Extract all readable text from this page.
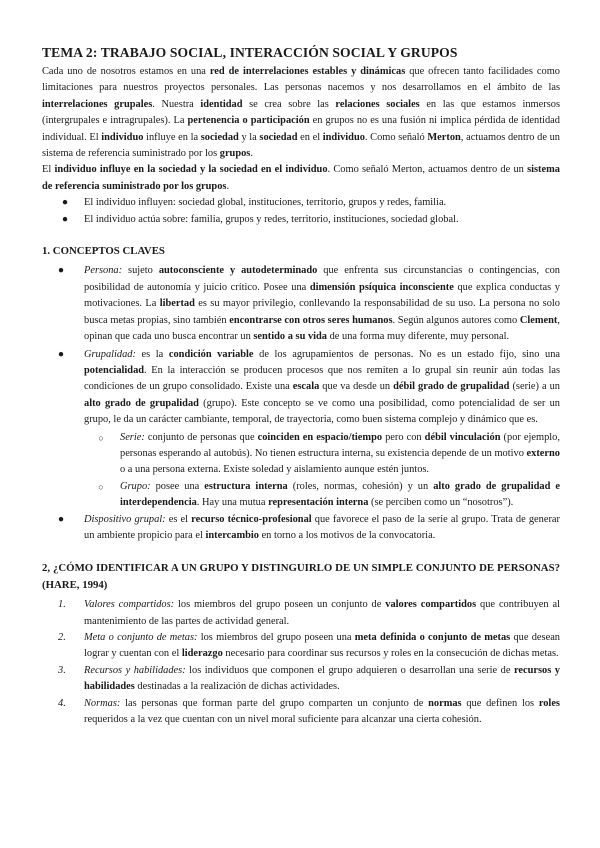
TEMA 2: TRABAJO SOCIAL, INTERACCIÓN SOCIAL Y GRUPOS

Cada uno de nosotros estamos en una red de interrelaciones estables y dinámicas que ofrecen tanto facilidades como limitaciones para nuestros proyectos personales. Las personas nacemos y nos desarrollamos en el ámbito de las interrelaciones grupales. Nuestra identidad se crea sobre las relaciones sociales en las que estamos inmersos (intergrupales e intragrupales). La pertenencia o participación en grupos no es una fusión ni implica pérdida de identidad individual. El individuo influye en la sociedad y la sociedad en el individuo. Como señaló Merton, actuamos dentro de un sistema de referencia suministrado por los grupos.

El individuo influye en la sociedad y la sociedad en el individuo. Como señaló Merton, actuamos dentro de un sistema de referencia suministrado por los grupos.

●	El individuo influyen: sociedad global, instituciones, territorio, grupos y redes, familia.
●	El individuo actúa sobre: familia, grupos y redes, territorio, instituciones, sociedad global.
1. CONCEPTOS CLAVES
●	Persona: sujeto autoconsciente y autodeterminado que enfrenta sus circunstancias o contingencias, con posibilidad de autonomía y juicio crítico. Posee una dimensión psíquica inconsciente que explica conductas y motivaciones. La libertad es su mayor privilegio, conllevando la responsabilidad de su uso. La persona no solo busca metas propias, sino también encontrarse con otros seres humanos. Según algunos autores como Clement, opinan que cada uno busca encontrar un sentido a su vida de una forma muy diferente, muy personal.
●	Grupalidad: es la condición variable de los agrupamientos de personas. No es un estado fijo, sino una potencialidad. En la interacción se producen procesos que nos remiten a lo grupal sin reunir aún todas las condiciones de un grupo consolidado. Existe una escala que va desde un débil grado de grupalidad (serie) a un alto grado de grupalidad (grupo). Este concepto se ve como una posibilidad, como potencialidad de ser un grupo, le da un carácter cambiante, temporal, de trayectoria, como buen sistema complejo y dinámico que es.
○	Serie: conjunto de personas que coinciden en espacio/tiempo pero con débil vinculación (por ejemplo, personas esperando al autobús). No tienen estructura interna, su existencia depende de un motivo externo o a una persona externa. Existe soledad y aislamiento aunque estén juntos.
○	Grupo: posee una estructura interna (roles, normas, cohesión) y un alto grado de grupalidad e interdependencia. Hay una mutua representación interna (se perciben como un “nosotros”).
●	Dispositivo grupal: es el recurso técnico-profesional que favorece el paso de la serie al grupo. Trata de generar un ambiente propicio para el intercambio en torno a los motivos de la convocatoria.
2, ¿CÓMO IDENTIFICAR A UN GRUPO Y DISTINGUIRLO DE UN SIMPLE CONJUNTO DE PERSONAS? (HARE, 1994)
1.	Valores compartidos: los miembros del grupo poseen un conjunto de valores compartidos que contribuyen al mantenimiento de las partes de actividad general.
2.	Meta o conjunto de metas: los miembros del grupo poseen una meta definida o conjunto de metas que desean lograr y cuentan con el liderazgo necesario para coordinar sus recursos y roles en la consecución de dichas metas.
3.	Recursos y habilidades: los individuos que componen el grupo adquieren o desarrollan una serie de recursos y habilidades destinadas a la realización de dichas actividades.
4.	Normas: las personas que forman parte del grupo comparten un conjunto de normas que definen los roles requeridos a la vez que cuentan con un nivel moral suficiente para alcanzar una cierta cohesión.
